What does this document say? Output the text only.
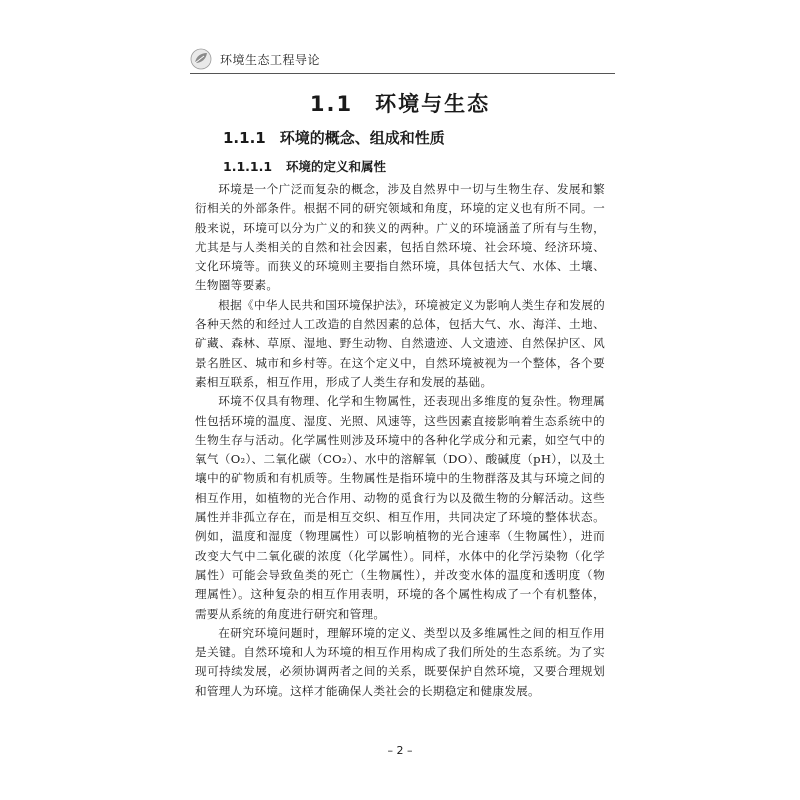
环境生态工程导论
1.1 环境与生态
1.1.1 环境的概念、组成和性质
1.1.1.1 环境的定义和属性

环境是一个广泛而复杂的概念，涉及自然界中一切与生物生存、发展和繁衍相关的外部条件。根据不同的研究领域和角度，环境的定义也有所不同。一般来说，环境可以分为广义的和狭义的两种。广义的环境涵盖了所有与生物，尤其是与人类相关的自然和社会因素，包括自然环境、社会环境、经济环境、文化环境等。而狭义的环境则主要指自然环境，具体包括大气、水体、土壤、生物圈等要素。

根据《中华人民共和国环境保护法》，环境被定义为影响人类生存和发展的各种天然的和经过人工改造的自然因素的总体，包括大气、水、海洋、土地、矿藏、森林、草原、湿地、野生动物、自然遗迹、人文遗迹、自然保护区、风景名胜区、城市和乡村等。在这个定义中，自然环境被视为一个整体，各个要素相互联系，相互作用，形成了人类生存和发展的基础。

环境不仅具有物理、化学和生物属性，还表现出多维度的复杂性。物理属性包括环境的温度、湿度、光照、风速等，这些因素直接影响着生态系统中的生物生存与活动。化学属性则涉及环境中的各种化学成分和元素，如空气中的氧气（O₂）、二氧化碳（CO₂）、水中的溶解氧（DO）、酸碱度（pH），以及土壤中的矿物质和有机质等。生物属性是指环境中的生物群落及其与环境之间的相互作用，如植物的光合作用、动物的觅食行为以及微生物的分解活动。这些属性并非孤立存在，而是相互交织、相互作用，共同决定了环境的整体状态。例如，温度和湿度（物理属性）可以影响植物的光合速率（生物属性），进而改变大气中二氧化碳的浓度（化学属性）。同样，水体中的化学污染物（化学属性）可能会导致鱼类的死亡（生物属性），并改变水体的温度和透明度（物理属性）。这种复杂的相互作用表明，环境的各个属性构成了一个有机整体，需要从系统的角度进行研究和管理。

在研究环境问题时，理解环境的定义、类型以及多维属性之间的相互作用是关键。自然环境和人为环境的相互作用构成了我们所处的生态系统。为了实现可持续发展，必须协调两者之间的关系，既要保护自然环境，又要合理规划和管理人为环境。这样才能确保人类社会的长期稳定和健康发展。

– 2 –
